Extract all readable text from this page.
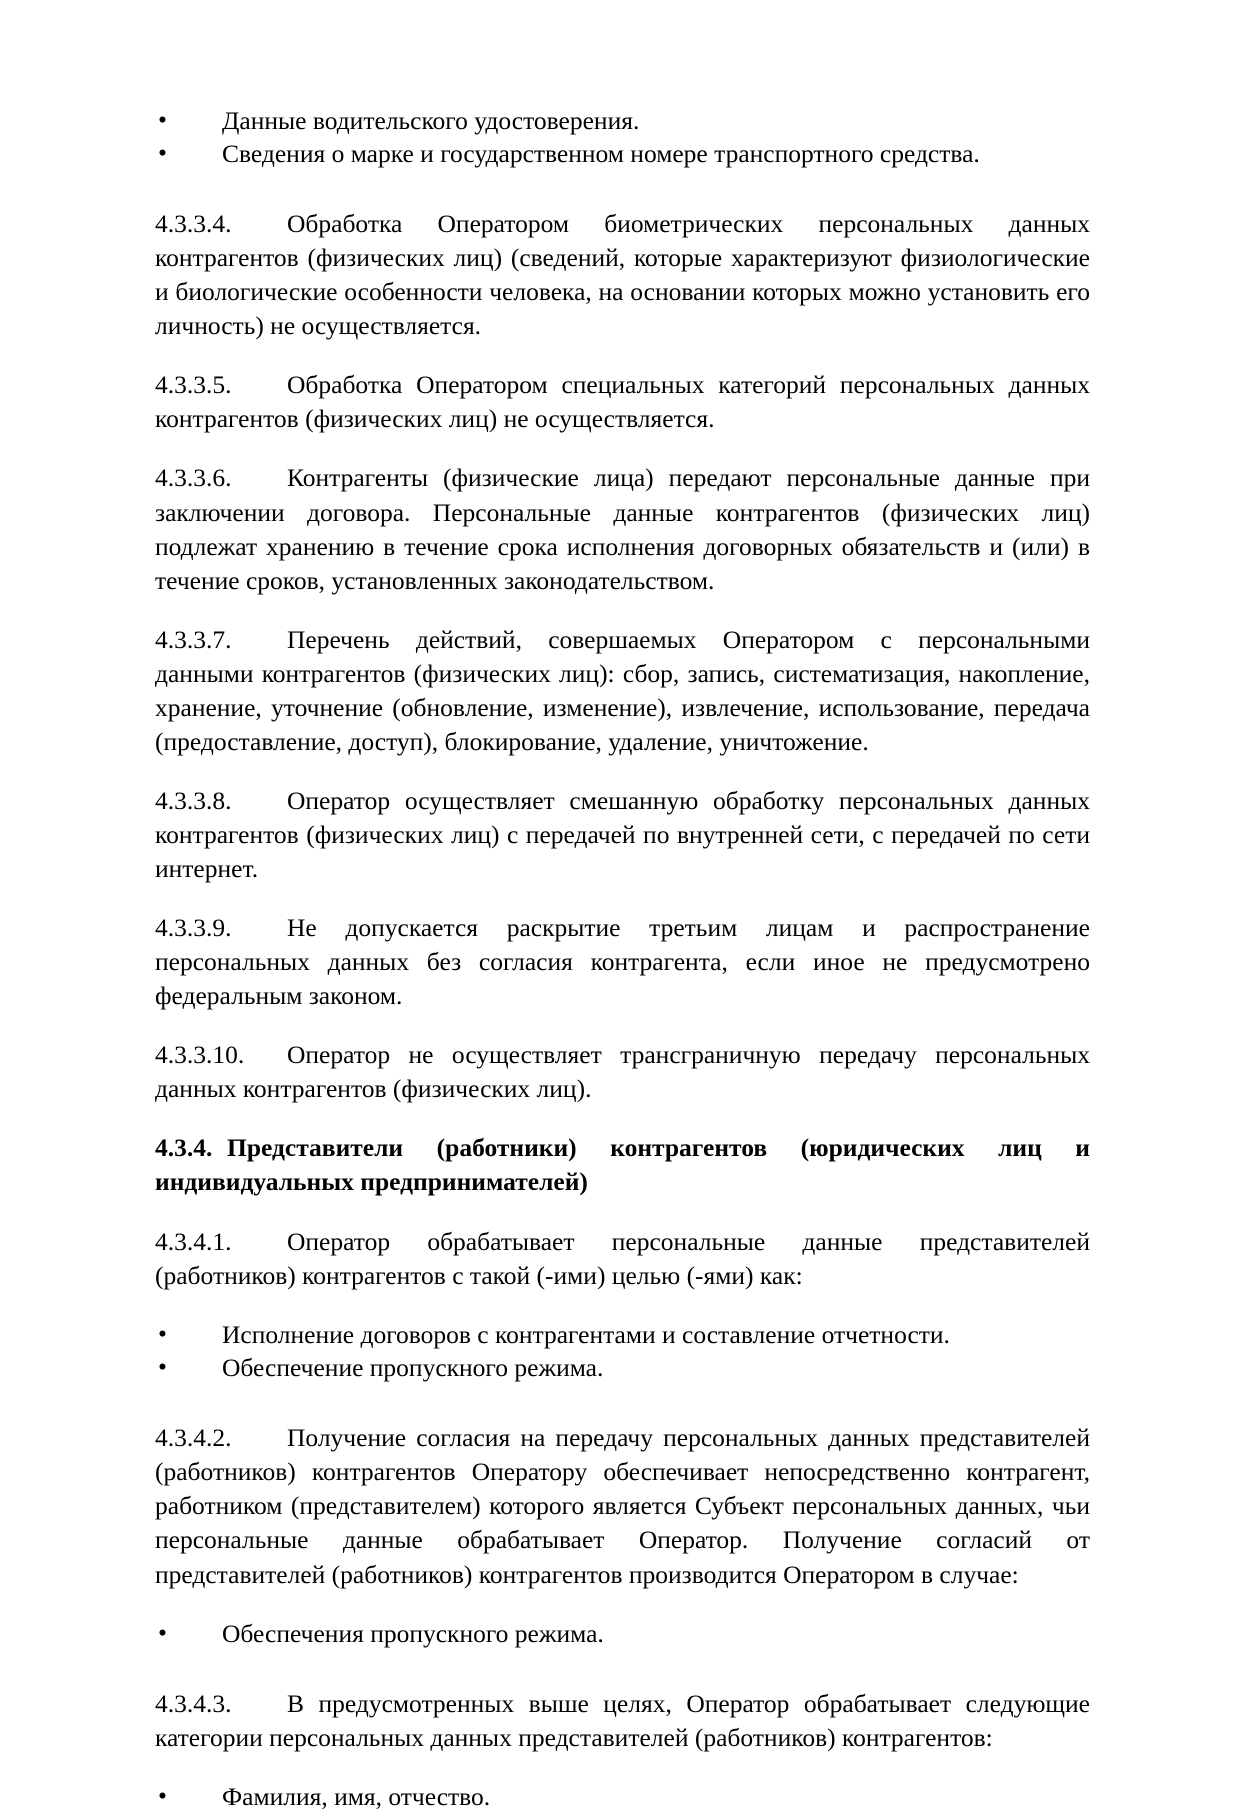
• Данные водительского удостоверения.
• Сведения о марке и государственном номере транспортного средства.

4.3.3.4. Обработка Оператором биометрических персональных данных контрагентов (физических лиц) (сведений, которые характеризуют физиологические и биологические особенности человека, на основании которых можно установить его личность) не осуществляется.

4.3.3.5. Обработка Оператором специальных категорий персональных данных контрагентов (физических лиц) не осуществляется.

4.3.3.6. Контрагенты (физические лица) передают персональные данные при заключении договора. Персональные данные контрагентов (физических лиц) подлежат хранению в течение срока исполнения договорных обязательств и (или) в течение сроков, установленных законодательством.

4.3.3.7. Перечень действий, совершаемых Оператором с персональными данными контрагентов (физических лиц): сбор, запись, систематизация, накопление, хранение, уточнение (обновление, изменение), извлечение, использование, передача (предоставление, доступ), блокирование, удаление, уничтожение.

4.3.3.8. Оператор осуществляет смешанную обработку персональных данных контрагентов (физических лиц) с передачей по внутренней сети, с передачей по сети интернет.

4.3.3.9. Не допускается раскрытие третьим лицам и распространение персональных данных без согласия контрагента, если иное не предусмотрено федеральным законом.

4.3.3.10. Оператор не осуществляет трансграничную передачу персональных данных контрагентов (физических лиц).

4.3.4. Представители (работники) контрагентов (юридических лиц и индивидуальных предпринимателей)

4.3.4.1. Оператор обрабатывает персональные данные представителей (работников) контрагентов с такой (-ими) целью (-ями) как:

• Исполнение договоров с контрагентами и составление отчетности.
• Обеспечение пропускного режима.

4.3.4.2. Получение согласия на передачу персональных данных представителей (работников) контрагентов Оператору обеспечивает непосредственно контрагент, работником (представителем) которого является Субъект персональных данных, чьи персональные данные обрабатывает Оператор. Получение согласий от представителей (работников) контрагентов производится Оператором в случае:

• Обеспечения пропускного режима.

4.3.4.3. В предусмотренных выше целях, Оператор обрабатывает следующие категории персональных данных представителей (работников) контрагентов:

• Фамилия, имя, отчество.
